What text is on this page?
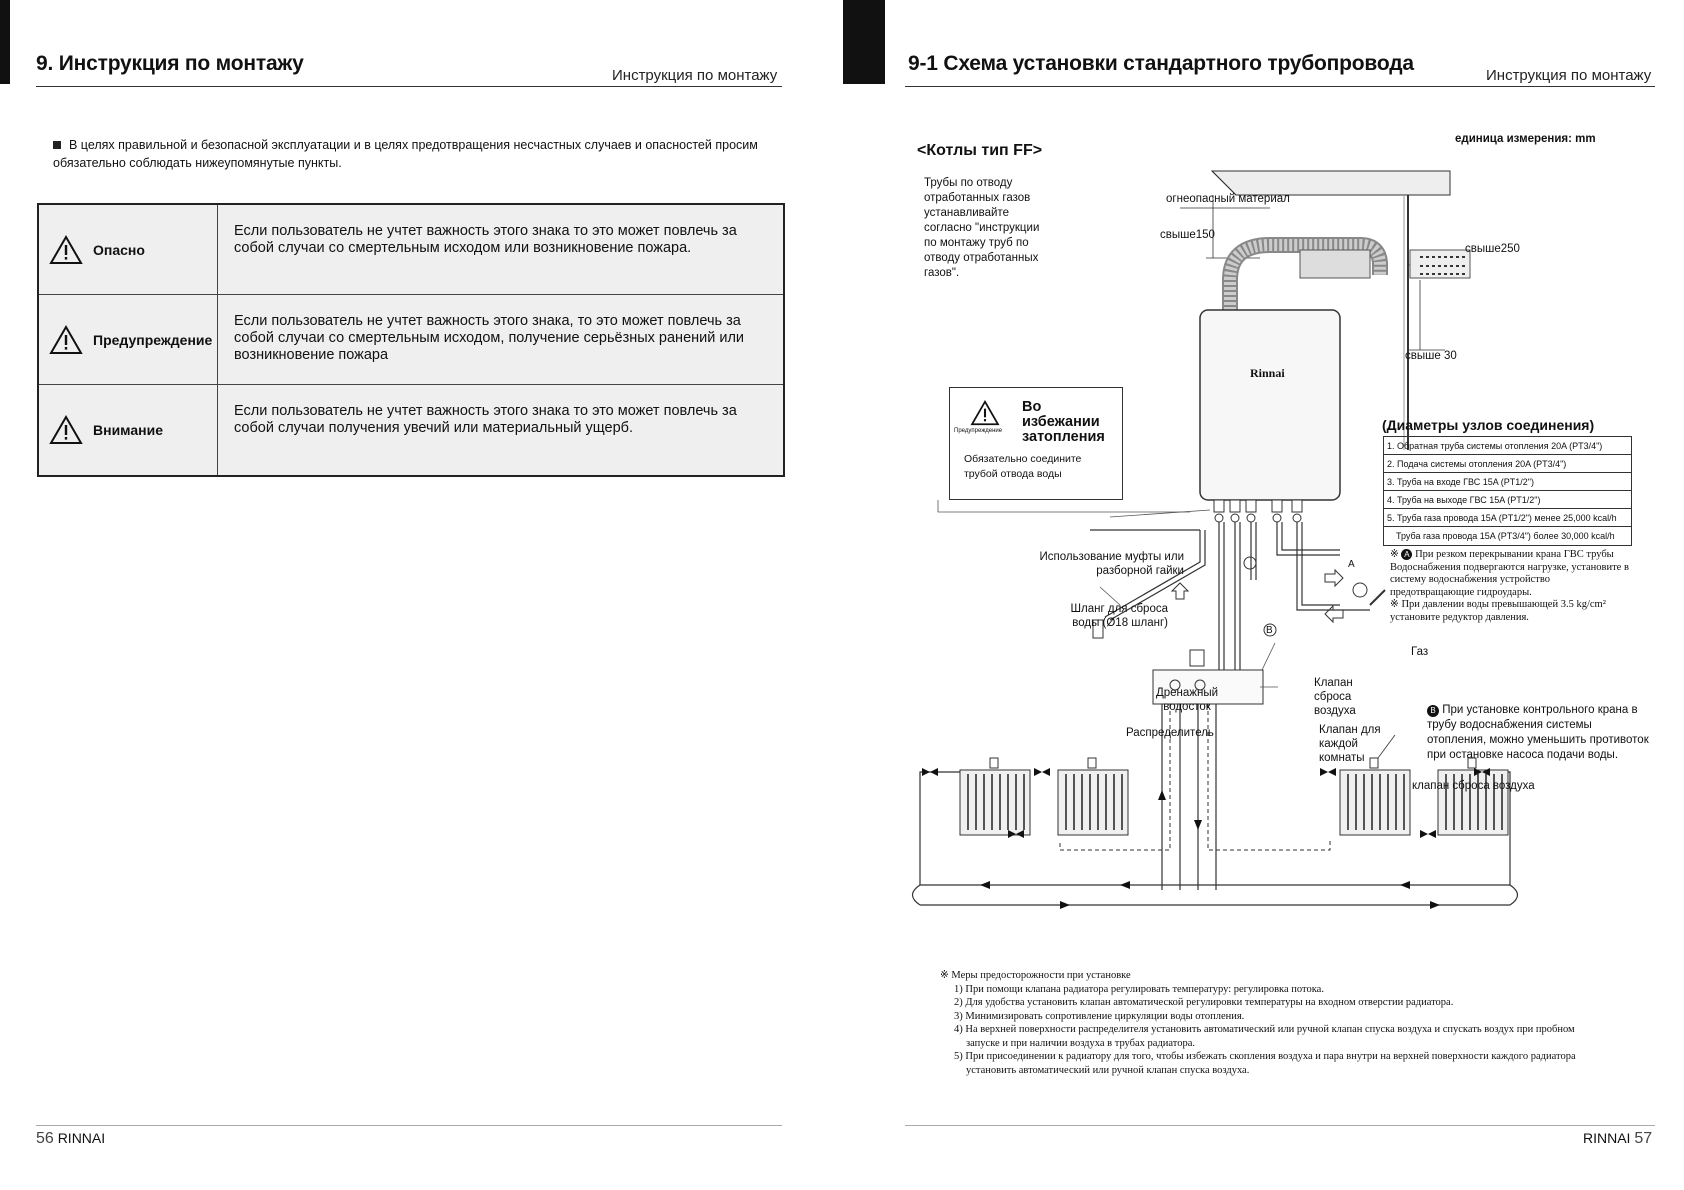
9. Инструкция по монтажу
Инструкция по монтажу
В целях правильной и безопасной эксплуатации и в целях предотвращения несчастных случаев и опасностей просим обязательно соблюдать нижеупомянутые пункты.
Опасно
Если пользователь не учтет важность этого знака то это может повлечь за собой случаи со смертельным исходом или возникновение пожара.
Предупреждение
Если пользователь не учтет важность этого знака, то это может повлечь за собой случаи со смертельным исходом, получение серьёзных ранений или возникновение пожара
Внимание
Если пользователь не учтет важность этого знака то это может повлечь за собой случаи получения увечий или материальный ущерб.
56 RINNAI
9-1 Схема установки стандартного трубопровода
Инструкция по монтажу
единица измерения: mm
<Котлы тип FF>
Трубы по отводу отработанных газов устанавливайте согласно "инструкции по монтажу труб по отводу отработанных газов".
огнеопасный материал
свыше150
свыше250
свыше 30
Rinnai
Во избежании
затопления
Предупреждение
Обязательно соедините трубой отвода воды
(Диаметры узлов соединения)
1. Обратная труба системы отопления 20A (PT3/4")
2. Подача системы отопления 20A (PT3/4")
3. Труба на входе ГВС 15A (PT1/2")
4. Труба на выходе ГВС 15A (PT1/2")
5. Труба газа провода 15A (PT1/2") менее 25,000 kcal/h
Труба газа провода 15A (PT3/4") более 30,000 kcal/h
※ A При резком перекрывании крана ГВС трубы Водоснабжения подвергаются нагрузке, установите в систему водоснабжения устройство предотвращающие гидроудары.
※ При давлении воды превышающей 3.5 kg/cm² установите редуктор давления.
B При установке контрольного крана в трубу водоснабжения системы отопления, можно уменьшить противоток при остановке насоса подачи воды.
Использование муфты или разборной гайки
Шланг для сброса воды (Ø18 шланг)
Дренажный водосток
Распределитель
Клапан сброса воздуха
Клапан для каждой комнаты
Газ
клапан сброса воздуха
A
B
※ Меры предосторожности при установке
1) При помощи клапана радиатора регулировать температуру: регулировка потока.
2) Для удобства установить клапан автоматической регулировки температуры на входном отверстии радиатора.
3) Минимизировать сопротивление циркуляции воды отопления.
4) На верхней поверхности распределителя установить автоматический или ручной клапан спуска воздуха и спускать воздух при пробном
запуске и при наличии воздуха в трубах радиатора.
5) При присоединении к радиатору для того, чтобы избежать скопления воздуха и пара внутри на верхней поверхности каждого радиатора
установить автоматический или ручной клапан спуска воздуха.
RINNAI 57
